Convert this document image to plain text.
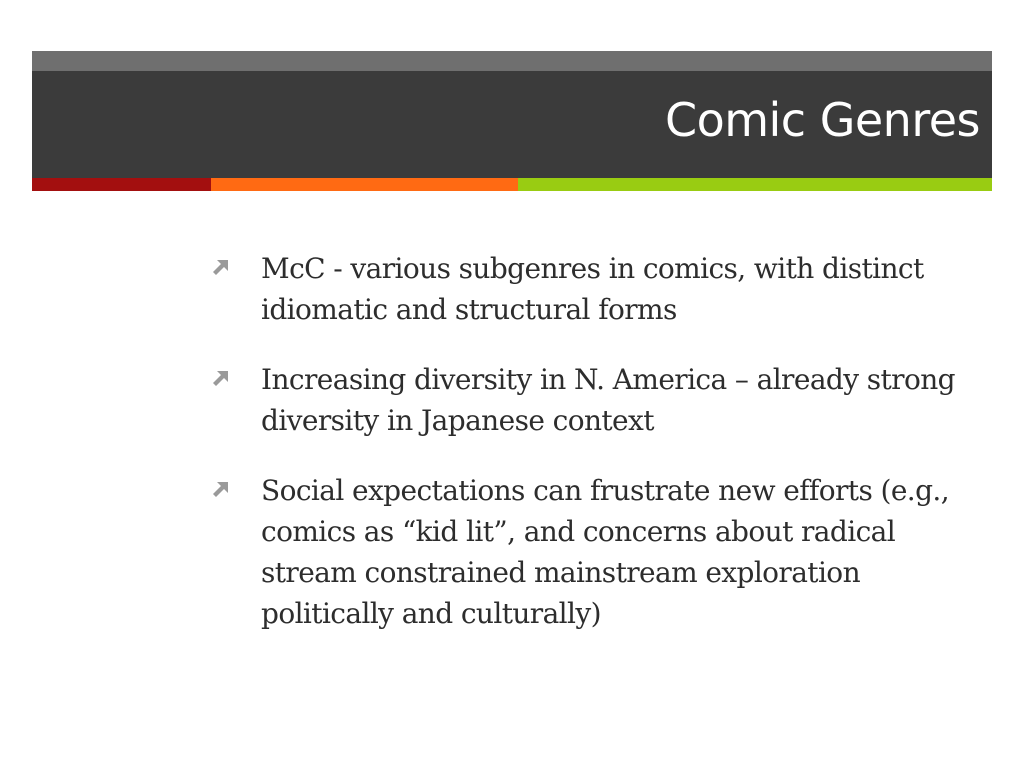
Comic Genres
McC - various subgenres in comics, with distinct idiomatic and structural forms
Increasing diversity in N. America – already strong diversity in Japanese context
Social expectations can frustrate new efforts (e.g., comics as “kid lit”, and concerns about radical stream constrained mainstream exploration politically and culturally)
